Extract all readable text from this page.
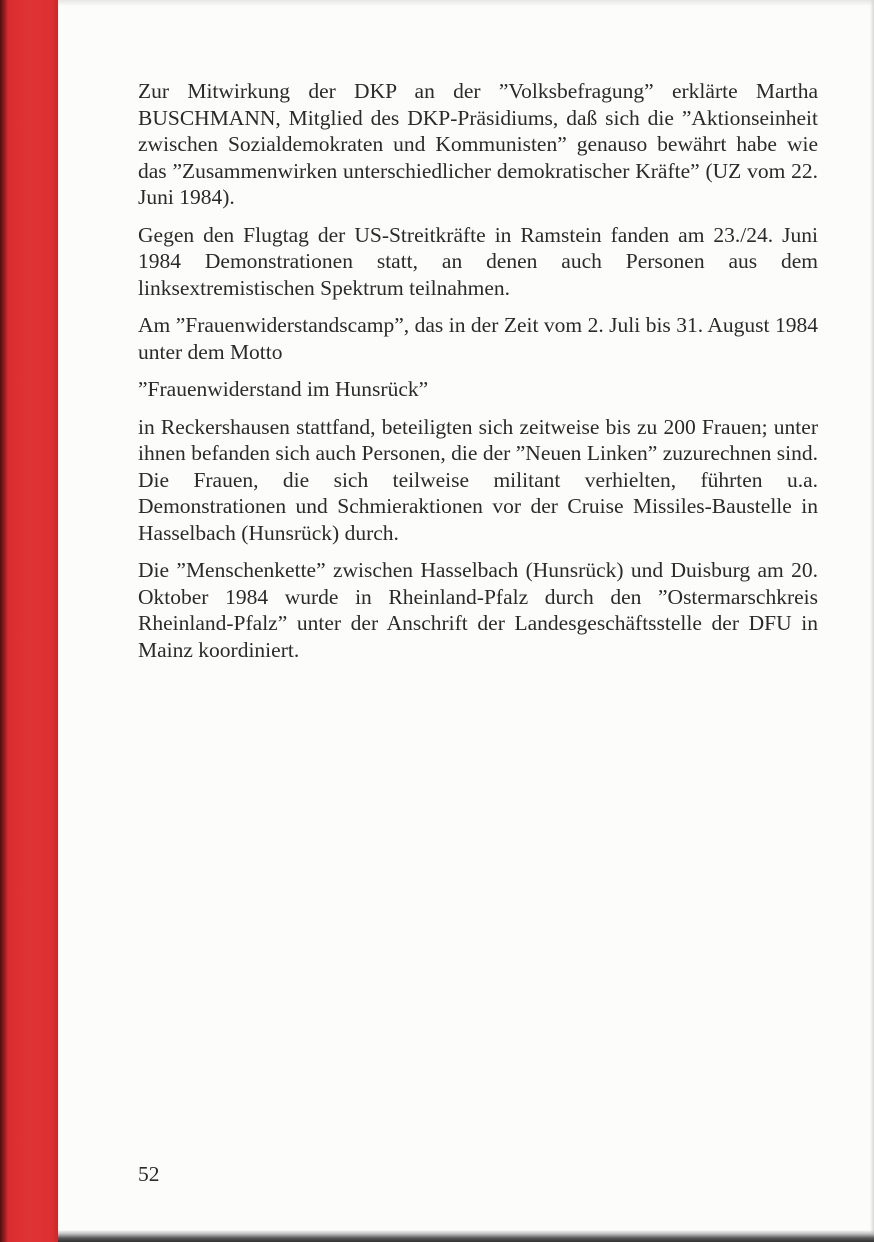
Zur Mitwirkung der DKP an der ”Volksbefragung” erklärte Martha BUSCHMANN, Mitglied des DKP-Präsidiums, daß sich die ”Aktionseinheit zwischen Sozialdemokraten und Kommunisten” genauso bewährt habe wie das ”Zusammenwirken unterschiedlicher demokratischer Kräfte” (UZ vom 22. Juni 1984).

Gegen den Flugtag der US-Streitkräfte in Ramstein fanden am 23./24. Juni 1984 Demonstrationen statt, an denen auch Personen aus dem linksextremistischen Spektrum teilnahmen.

Am ”Frauenwiderstandscamp”, das in der Zeit vom 2. Juli bis 31. August 1984 unter dem Motto

”Frauenwiderstand im Hunsrück”

in Reckershausen stattfand, beteiligten sich zeitweise bis zu 200 Frauen; unter ihnen befanden sich auch Personen, die der ”Neuen Linken” zuzurechnen sind. Die Frauen, die sich teilweise militant verhielten, führten u.a. Demonstrationen und Schmieraktionen vor der Cruise Missiles-Baustelle in Hasselbach (Hunsrück) durch.

Die ”Menschenkette” zwischen Hasselbach (Hunsrück) und Duisburg am 20. Oktober 1984 wurde in Rheinland-Pfalz durch den ”Ostermarschkreis Rheinland-Pfalz” unter der Anschrift der Landesgeschäftsstelle der DFU in Mainz koordiniert.

52
